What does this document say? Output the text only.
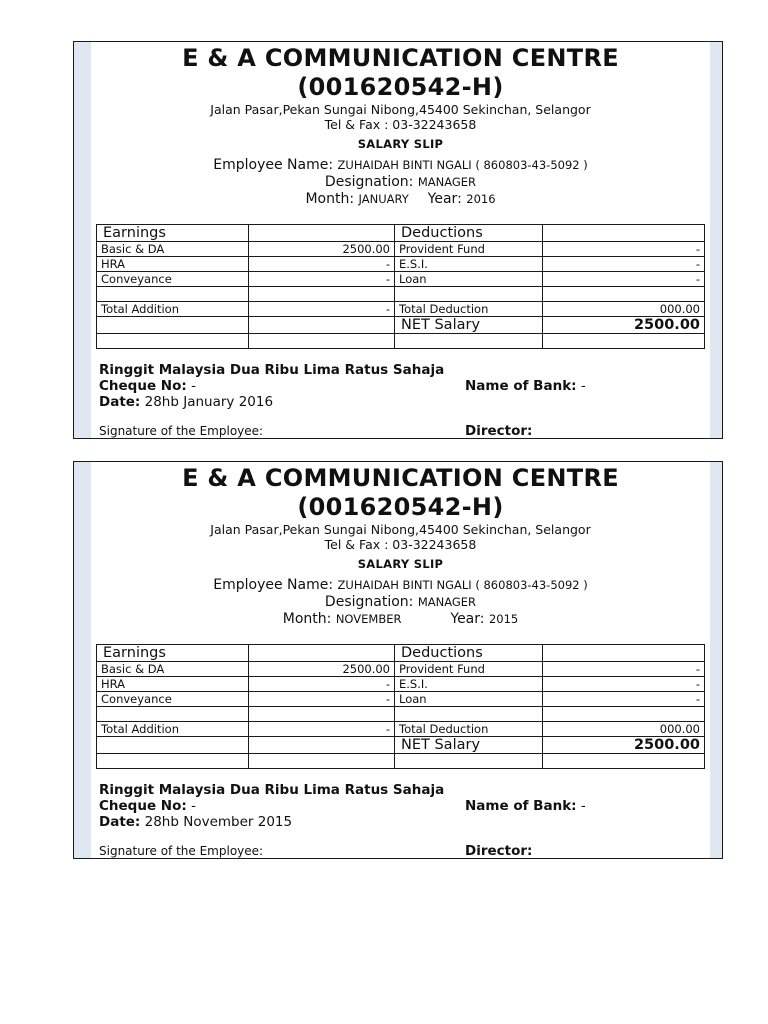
E & A COMMUNICATION CENTRE
(001620542-H)
Jalan Pasar,Pekan Sungai Nibong,45400 Sekinchan, Selangor
Tel & Fax : 03-32243658
SALARY SLIP
Employee Name: ZUHAIDAH BINTI NGALI ( 860803-43-5092 )
Designation: MANAGER
Month: JANUARY Year: 2016
Earnings		Deductions	
Basic & DA	2500.00	Provident Fund	-
HRA	-	E.S.I.	-
Conveyance	-	Loan	-

Total Addition	-	Total Deduction	000.00
		NET Salary	2500.00

Ringgit Malaysia Dua Ribu Lima Ratus Sahaja
Cheque No: -	Name of Bank: -
Date: 28hb January 2016
Signature of the Employee:	Director:
E & A COMMUNICATION CENTRE
(001620542-H)
Jalan Pasar,Pekan Sungai Nibong,45400 Sekinchan, Selangor
Tel & Fax : 03-32243658
SALARY SLIP
Employee Name: ZUHAIDAH BINTI NGALI ( 860803-43-5092 )
Designation: MANAGER
Month: NOVEMBER	Year: 2015
Earnings		Deductions	
Basic & DA	2500.00	Provident Fund	-
HRA	-	E.S.I.	-
Conveyance	-	Loan	-

Total Addition	-	Total Deduction	000.00
		NET Salary	2500.00

Ringgit Malaysia Dua Ribu Lima Ratus Sahaja
Cheque No: -	Name of Bank: -
Date: 28hb November 2015
Signature of the Employee:	Director:
